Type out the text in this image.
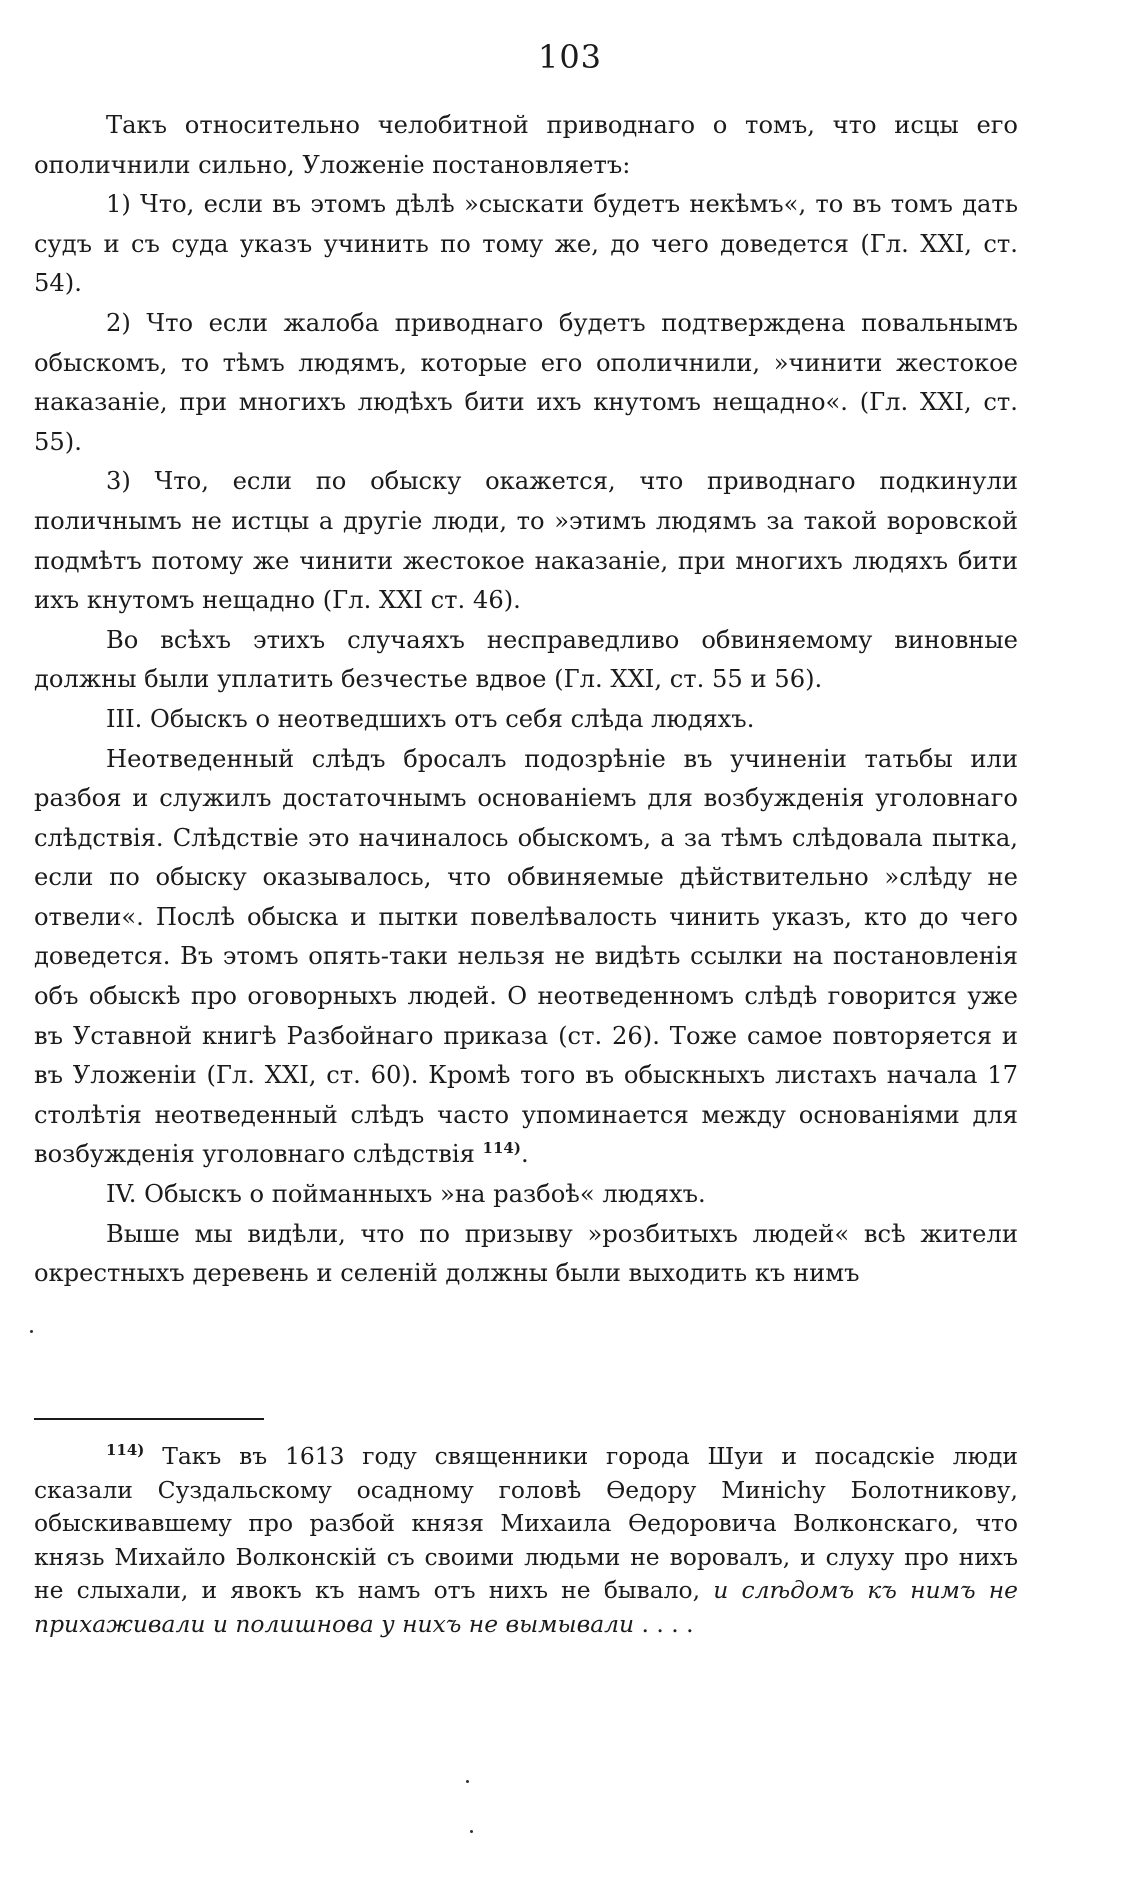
103

Такъ относительно челобитной приводнаго о томъ, что исцы его ополичнили сильно, Уложеніе постановляетъ:

1) Что, если въ этомъ дѣлѣ »сыскати будетъ некѣмъ«, то въ томъ дать судъ и съ суда указъ учинить по тому же, до чего доведется (Гл. XXI, ст. 54).

2) Что если жалоба приводнаго будетъ подтверждена повальнымъ обыскомъ, то тѣмъ людямъ, которые его ополичнили, »чинити жестокое наказаніе, при многихъ людѣхъ бити ихъ кнутомъ нещадно«. (Гл. XXI, ст. 55).

3) Что, если по обыску окажется, что приводнаго подкинули поличнымъ не истцы а другіе люди, то »этимъ людямъ за такой воровской подмѣтъ потому же чинити жестокое наказаніе, при многихъ людяхъ бити ихъ кнутомъ нещадно (Гл. XXI ст. 46).

Во всѣхъ этихъ случаяхъ несправедливо обвиняемому виновные должны были уплатить безчестье вдвое (Гл. XXI, ст. 55 и 56).

III. Обыскъ о неотведшихъ отъ себя слѣда людяхъ.

Неотведенный слѣдъ бросалъ подозрѣніе въ учиненіи татьбы или разбоя и служилъ достаточнымъ основаніемъ для возбужденія уголовнаго слѣдствія. Слѣдствіе это начиналось обыскомъ, а за тѣмъ слѣдовала пытка, если по обыску оказывалось, что обвиняемые дѣйствительно »слѣду не отвели«. Послѣ обыска и пытки повелѣвалость чинить указъ, кто до чего доведется. Въ этомъ опять-таки нельзя не видѣть ссылки на постановленія объ обыскѣ про оговорныхъ людей. О неотведенномъ слѣдѣ говорится уже въ Уставной книгѣ Разбойнаго приказа (ст. 26). Тоже самое повторяется и въ Уложеніи (Гл. XXI, ст. 60). Кромѣ того въ обыскныхъ листахъ начала 17 столѣтія неотведенный слѣдъ часто упоминается между основаніями для возбужденія уголовнаго слѣдствія $^{114)}$.

IV. Обыскъ о пойманныхъ »на разбоѣ« людяхъ.

Выше мы видѣли, что по призыву »розбитыхъ людей« всѣ жители окрестныхъ деревень и селеній должны были выходить къ нимъ

$^{114)}$ Такъ въ 1613 году священники города Шуи и посадскіе люди сказали Суздальскому осадному головѣ Ѳедору Минichу Болотникову, обыскивавшему про разбой князя Михаила Ѳедоровича Волконскаго, что князь Михайло Волконскій съ своими людьми не воровалъ, и слуху про нихъ не слыхали, и явокъ къ намъ отъ нихъ не бывало, и слѣдомъ къ нимъ не прихаживали и полишнова у нихъ не вымывали . . . .
